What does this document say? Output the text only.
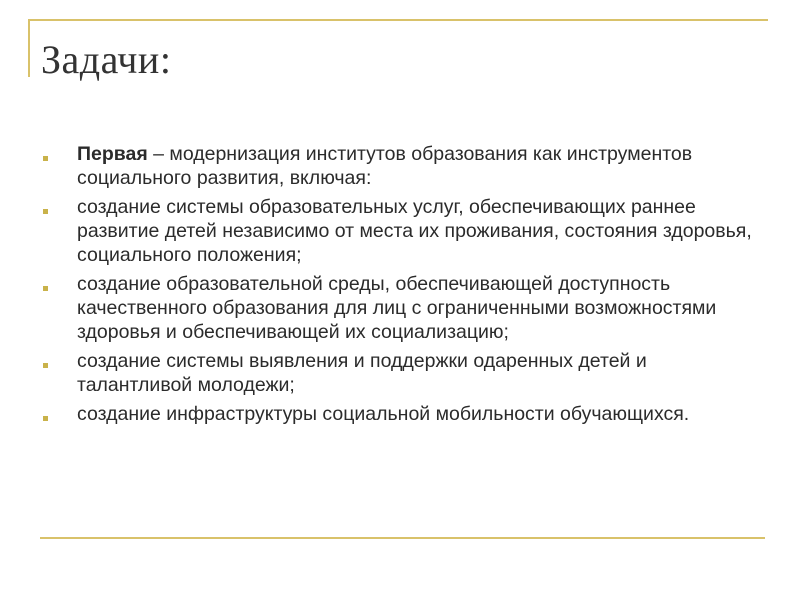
Задачи:
Первая – модернизация институтов образования как инструментов социального развития, включая:
создание системы образовательных услуг, обеспечивающих раннее развитие детей независимо от места их проживания, состояния здоровья, социального положения;
создание образовательной среды, обеспечивающей доступность качественного образования для лиц с ограниченными возможностями здоровья и обеспечивающей их социализацию;
создание системы выявления и поддержки одаренных детей и талантливой молодежи;
создание инфраструктуры социальной мобильности обучающихся.
